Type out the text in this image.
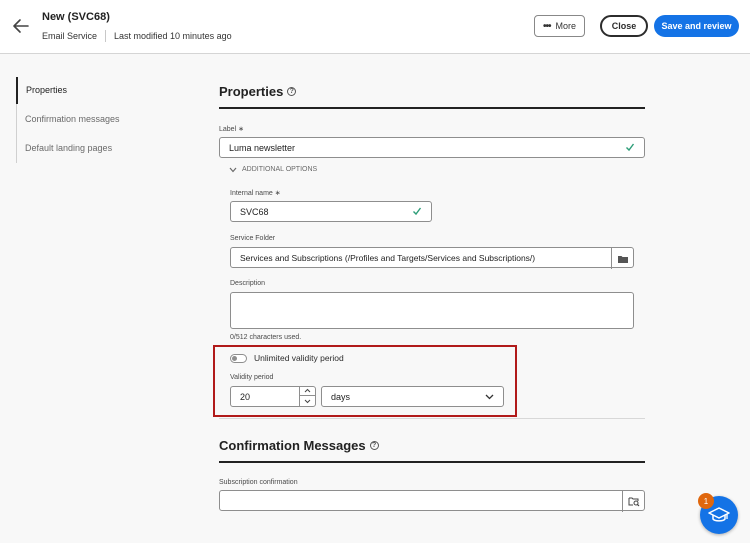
New (SVC68)
Email Service Last modified 10 minutes ago
••• More	Close	Save and review
Properties
Confirmation messages
Default landing pages
Properties ?
Label ∗
Luma newsletter
ADDITIONAL OPTIONS
Internal name ∗
SVC68
Service Folder
Services and Subscriptions (/Profiles and Targets/Services and Subscriptions/)
Description
0/512 characters used.
Unlimited validity period
Validity period
20	days
Confirmation Messages ?
Subscription confirmation
1
